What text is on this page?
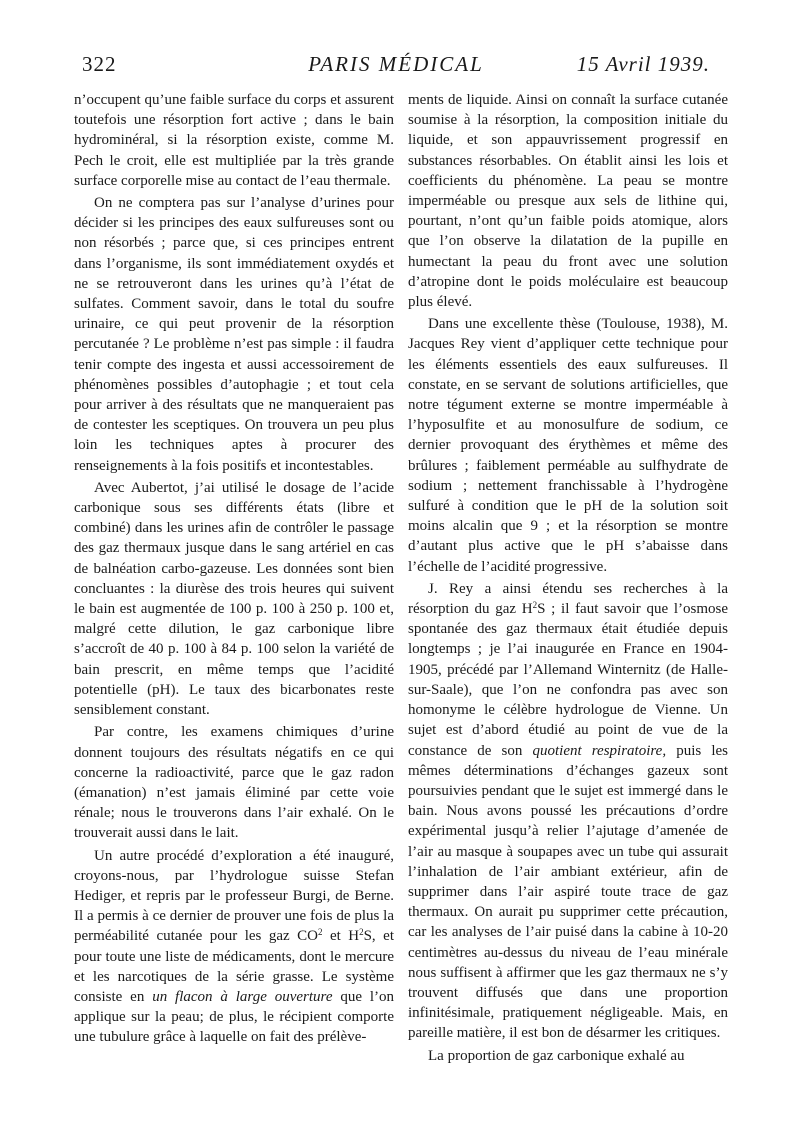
322	PARIS MÉDICAL	15 Avril 1939.

n’occupent qu’une faible surface du corps et assurent toutefois une résorption fort active ; dans le bain hydrominéral, si la résorption existe, comme M. Pech le croit, elle est multipliée par la très grande surface corporelle mise au contact de l’eau thermale.

On ne comptera pas sur l’analyse d’urines pour décider si les principes des eaux sulfureuses sont ou non résorbés ; parce que, si ces principes entrent dans l’organisme, ils sont immédiatement oxydés et ne se retrouveront dans les urines qu’à l’état de sulfates. Comment savoir, dans le total du soufre urinaire, ce qui peut provenir de la résorption percutanée ? Le problème n’est pas simple : il faudra tenir compte des ingesta et aussi accessoirement de phénomènes possibles d’autophagie ; et tout cela pour arriver à des résultats que ne manqueraient pas de contester les sceptiques. On trouvera un peu plus loin les techniques aptes à procurer des renseignements à la fois positifs et incontestables.

Avec Aubertot, j’ai utilisé le dosage de l’acide carbonique sous ses différents états (libre et combiné) dans les urines afin de contrôler le passage des gaz thermaux jusque dans le sang artériel en cas de balnéation carbo-gazeuse. Les données sont bien concluantes : la diurèse des trois heures qui suivent le bain est augmentée de 100 p. 100 à 250 p. 100 et, malgré cette dilution, le gaz carbonique libre s’accroît de 40 p. 100 à 84 p. 100 selon la variété de bain prescrit, en même temps que l’acidité potentielle (pH). Le taux des bicarbonates reste sensiblement constant.

Par contre, les examens chimiques d’urine donnent toujours des résultats négatifs en ce qui concerne la radioactivité, parce que le gaz radon (émanation) n’est jamais éliminé par cette voie rénale; nous le trouverons dans l’air exhalé. On le trouverait aussi dans le lait.

Un autre procédé d’exploration a été inauguré, croyons-nous, par l’hydrologue suisse Stefan Hediger, et repris par le professeur Burgi, de Berne. Il a permis à ce dernier de prouver une fois de plus la perméabilité cutanée pour les gaz $CO^2$ et $H^2S$, et pour toute une liste de médicaments, dont le mercure et les narcotiques de la série grasse. Le système consiste en un flacon à large ouverture que l’on applique sur la peau; de plus, le récipient comporte une tubulure grâce à laquelle on fait des prélève-

ments de liquide. Ainsi on connaît la surface cutanée soumise à la résorption, la composition initiale du liquide, et son appauvrissement progressif en substances résorbables. On établit ainsi les lois et coefficients du phénomène. La peau se montre imperméable ou presque aux sels de lithine qui, pourtant, n’ont qu’un faible poids atomique, alors que l’on observe la dilatation de la pupille en humectant la peau du front avec une solution d’atropine dont le poids moléculaire est beaucoup plus élevé.

Dans une excellente thèse (Toulouse, 1938), M. Jacques Rey vient d’appliquer cette technique pour les éléments essentiels des eaux sulfureuses. Il constate, en se servant de solutions artificielles, que notre tégument externe se montre imperméable à l’hyposulfite et au monosulfure de sodium, ce dernier provoquant des érythèmes et même des brûlures ; faiblement perméable au sulfhydrate de sodium ; nettement franchissable à l’hydrogène sulfuré à condition que le pH de la solution soit moins alcalin que 9 ; et la résorption se montre d’autant plus active que le pH s’abaisse dans l’échelle de l’acidité progressive.

J. Rey a ainsi étendu ses recherches à la résorption du gaz $H^2S$ ; il faut savoir que l’osmose spontanée des gaz thermaux était étudiée depuis longtemps ; je l’ai inaugurée en France en 1904-1905, précédé par l’Allemand Winternitz (de Halle-sur-Saale), que l’on ne confondra pas avec son homonyme le célèbre hydrologue de Vienne. Un sujet est d’abord étudié au point de vue de la constance de son quotient respiratoire, puis les mêmes déterminations d’échanges gazeux sont poursuivies pendant que le sujet est immergé dans le bain. Nous avons poussé les précautions d’ordre expérimental jusqu’à relier l’ajutage d’amenée de l’air au masque à soupapes avec un tube qui assurait l’inhalation de l’air ambiant extérieur, afin de supprimer dans l’air aspiré toute trace de gaz thermaux. On aurait pu supprimer cette précaution, car les analyses de l’air puisé dans la cabine à 10-20 centimètres au-dessus du niveau de l’eau minérale nous suffisent à affirmer que les gaz thermaux ne s’y trouvent diffusés que dans une proportion infinitésimale, pratiquement négligeable. Mais, en pareille matière, il est bon de désarmer les critiques.

La proportion de gaz carbonique exhalé au
